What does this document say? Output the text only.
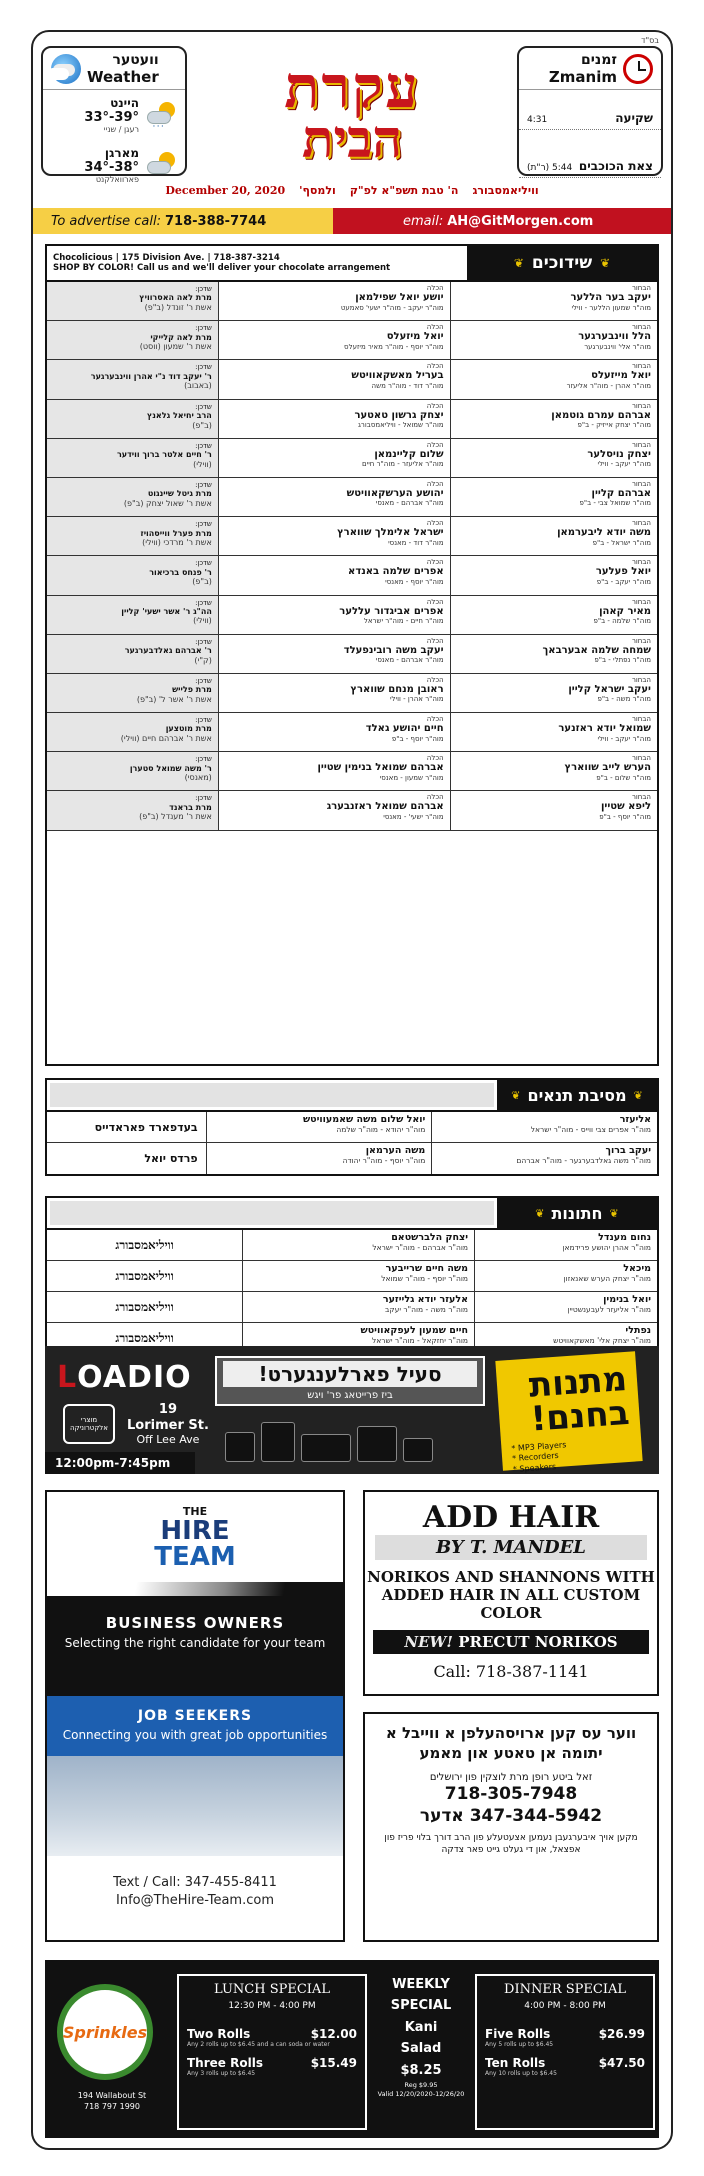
בס"ד
וועטער
Weather
' ' '
היינט
39°-33°
רעגן / שניי
מארגן
38°-34°
פארוואלקנט
עקרת
הבית
זמנים
Zmanim
שקיעה
4:31
צאת הכוכבים
(ר"ת) 5:44
וויליאמסבורג
ה' טבת תשפ"א לפ"ק
ולמסף'
December 20, 2020
To advertise call: 718-388-7744	email: AH@GitMorgen.com
Chocolicious | 175 Division Ave. | 718-387-3214
SHOP BY COLOR! Call us and we'll deliver your chocolate arrangement	❦
שידוכים
❦
הבחור
יעקב בער הללער
מוה"ר שמעון הללער - ווילי
הכלה
יושע יואל שפילמאן
מוה"ר יעקב - מוה"ר ישעי' סאמעט
שדכן:
מרת לאה האסרוויץ
אשת ר' זונדל (ב"פ)
הבחור
הלל ווינבערגער
מוה"ר אלי' ווינבערגער
הכלה
יואל מיזעלס
מוה"ר יוסף - מוה"ר מאיר מיזעלס
שדכן:
מרת לאה קלייקי
אשת ר' שמעון (ווסט)
הבחור
יואל מייזעלס
מוה"ר אהרן - מוה"ר אליעזר
הכלה
בעריל מאשקאוויטש
מוה"ר דוד - מוה"ר משה
שדכן:
ר' יעקב דוד נ"י אהרן ווינבערגער
(באבוב)
הבחור
אברהם עמרם גוטמאן
מוה"ר יצחק אייזיק - ב"פ
הכלה
יצחק גרשון טאטער
מוה"ר שמואל - וויליאמסבורג
שדכן:
הרב יחיאל גלאנץ
(ב"פ)
הבחור
יצחק נויסלער
מוה"ר יעקב - ווילי
הכלה
שלום קליינמאן
מוה"ר אליעזר - מוה"ר חיים
שדכן:
ר' חיים אלטר ברוך ווידער
(ווילי)
הבחור
אברהם קליין
מוה"ר שמואל צבי - ב"פ
הכלה
יהושע הערשקאוויטש
מוה"ר אברהם - מאנסי
שדכן:
מרת גיטל שיינגוט
אשת ר' שאול יצחק (ב"פ)
הבחור
משה יודא ליבערמאן
מוה"ר ישראל - ב"פ
הכלה
ישראל אלימלך שווארץ
מוה"ר דוד - מאנסי
שדכן:
מרת פערל ווייסהויז
אשת ר' מרדכי (ווילי)
הבחור
יואל פעלער
מוה"ר יעקב - ב"פ
הכלה
אפרים שלמה באנדא
מוה"ר יוסף - מאנסי
שדכן:
ר' פנחס ברכיאור
(ב"פ)
הבחור
מאיר קאהן
מוה"ר שלמה - ב"פ
הכלה
אפרים אביגדור עללער
מוה"ר חיים - מוה"ר ישראל
שדכן:
הה"ג ר' אשר ישעי' קליין
(ווילי)
הבחור
שמחה שלמה אבערבאך
מוה"ר נפתלי - ב"פ
הכלה
יעקב משה רובינפעלד
מוה"ר אברהם - מאנסי
שדכן:
ר' אברהם גאלדבערגער
(ק"י)
הבחור
יעקב ישראל קליין
מוה"ר משה - ב"פ
הכלה
ראובן מנחם שווארץ
מוה"ר אהרן - ווילי
שדכן:
מרת פלייש
אשת ר' אשר ל' (ב"פ)
הבחור
שמואל יודא ראזנער
מוה"ר יעקב - ווילי
הכלה
חיים יהושע גאלד
מוה"ר יוסף - ב"פ
שדכן:
מרת מוטצען
אשת ר' אברהם חיים (ווילי)
הבחור
הערש לייב שווארץ
מוה"ר שלום - ב"פ
הכלה
אברהם שמואל בנימין שטיין
מוה"ר שמעון - מאנסי
שדכן:
ר' משה שמואל סטערן
(מאנסי)
הבחור
ליפא שטיין
מוה"ר יוסף - ב"פ
הכלה
אברהם שמואל ראזנבערג
מוה"ר ישעי' - מאנסי
שדכן:
מרת בראנד
אשת ר' מענדל (ב"פ)
❦
מסיבת תנאים
❦
אליעזר
מוה"ר אפרים צבי ווייס - מוה"ר ישראל
יואל שלום משה שאמעוויטש
מוה"ר יהודא - מוה"ר שלמה
בעדפארד פאראדייס
יעקב ברוך
מוה"ר משה גאלדבערגער - מוה"ר אברהם
משה הערמאן
מוה"ר יוסף - מוה"ר יהודה
פרדס יואל
❦
חתונות
❦
נחום מענדל
מוה"ר אהרן יהושע פרידמאן
יצחק הלברשטאם
מוה"ר אברהם - מוה"ר ישראל
וויליאמסבורג
מיכאל
מוה"ר יצחק הערש שאנאזון
משה חיים שרייבער
מוה"ר יוסף - מוה"ר שמואל
וויליאמסבורג
יואל בנימין
מוה"ר אליעזר לעבענשטיין
אלעזר יודא גלייזער
מוה"ר משה - מוה"ר יעקב
וויליאמסבורג
נפתלי
מוה"ר יצחק אלי' מאשקאוויטש
חיים שמעון לעפקאוויטש
מוה"ר יחזקאל - מוה"ר ישראל
וויליאמסבורג
LOADIO
מוצרי אלקטרוניקה
19
Lorimer St.
Off Lee Ave
12:00pm-7:45pm
סעיל פארלענגערט!
ביז פרייטאג פר' ויגש	מתנות בחנם!
* MP3 Players
* Recorders
* Speakers
THE
HIRE
TEAM
BUSINESS OWNERS
Selecting the right candidate for your team
JOB SEEKERS
Connecting you with great job opportunities
Text / Call: 347-455-8411
Info@TheHire-Team.com
ADD HAIR
BY T. MANDEL
NORIKOS AND SHANNONS WITH ADDED HAIR IN ALL CUSTOM COLOR
NEW! PRECUT NORIKOS
Call: 718-387-1141
ווער עס קען ארויסהעלפן א ווייבל א יתומה אן טאטע און מאמע
זאל ביטע רופן מרת לוצקין פון ירושלים
718-305-7948
347-344-5942 אדער
מקען אויך איבערגעבן נעמען אצעטעלע פון הרב דורך בלוי פריז פון אפצאל, און די געלט גייט פאר צדקה
Sprinkles
194 Wallabout St
718 797 1990
LUNCH SPECIAL
12:30 PM - 4:00 PM
Two Rolls	$12.00
Any 2 rolls up to $6.45 and a can soda or water
Three Rolls	$15.49
Any 3 rolls up to $6.45
WEEKLY
SPECIAL
Kani
Salad
$8.25
Reg $9.95
Valid 12/20/2020-12/26/20
DINNER SPECIAL
4:00 PM - 8:00 PM
Five Rolls	$26.99
Any 5 rolls up to $6.45
Ten Rolls	$47.50
Any 10 rolls up to $6.45
